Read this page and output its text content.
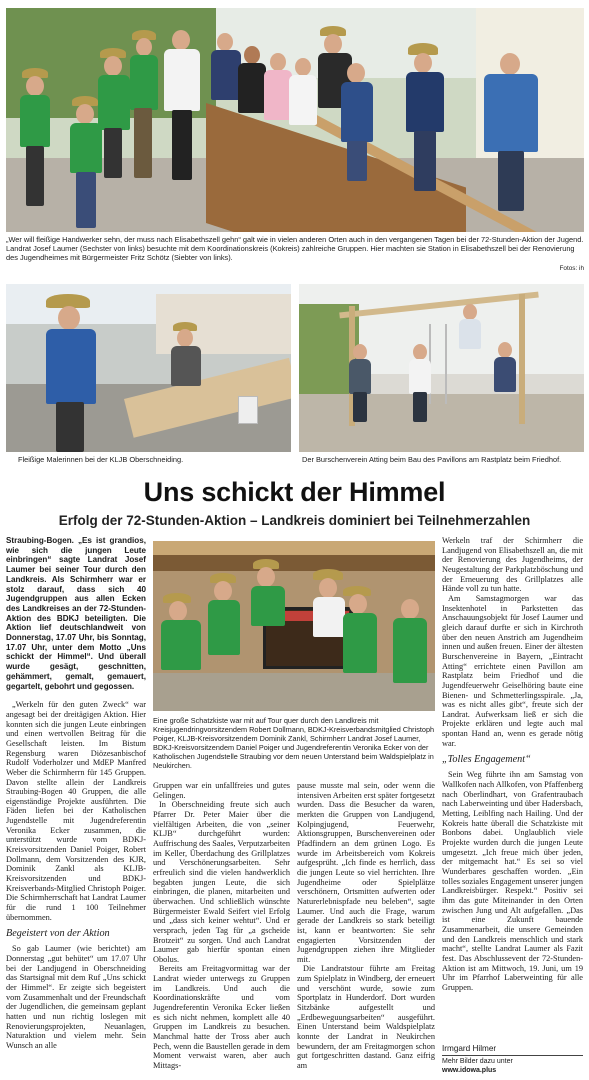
„Wer will fleißige Handwerker sehn, der muss nach Elisabethszell gehn“ galt wie in vielen anderen Orten auch in den vergangenen Tagen bei der 72-Stunden-Aktion der Jugend. Landrat Josef Laumer (Sechster von links) besuchte mit dem Koordinationskreis (Kokreis) zahlreiche Gruppen. Hier machten sie Station in Elisabethszell bei der Renovierung des Jugendheimes mit Bürgermeister Fritz Schötz (Siebter von links).
Fotos: ih
Fleißige Malerinnen bei der KLJB Oberschneiding.	Der Burschenverein Atting beim Bau des Pavillons am Rastplatz beim Friedhof.
Uns schickt der Himmel
Erfolg der 72-Stunden-Aktion – Landkreis dominiert bei Teilnehmerzahlen

Straubing-Bogen. „Es ist grandios, wie sich die jungen Leute einbringen“ sagte Landrat Josef Laumer bei seiner Tour durch den Landkreis. Als Schirmherr war er stolz darauf, dass sich 40 Jugendgruppen aus allen Ecken des Landkreises an der 72-Stunden-Aktion des BDKJ beteiligten. Die Aktion lief deutschlandweit von Donnerstag, 17.07 Uhr, bis Sonntag, 17.07 Uhr, unter dem Motto „Uns schickt der Himmel“. Und überall wurde gesägt, geschnitten, gehämmert, gemalt, gemauert, gegartelt, gebohrt und gegossen.

„Werkeln für den guten Zweck“ war angesagt bei der dreitägigen Aktion. Hier konnten sich die jungen Leute einbringen und einen wertvollen Beitrag für die Gesellschaft leisten. Im Bistum Regensburg waren Diözesanbischof Rudolf Voderholzer und MdEP Manfred Weber die Schirmherrn für 145 Gruppen. Davon stellte allein der Landkreis Straubing-Bogen 40 Gruppen, die alle eigenständige Projekte ausführten. Die Fäden liefen bei der Katholischen Jugendstelle mit Jugendreferentin Veronika Ecker zusammen, die unterstützt wurde vom BDKJ-Kreisvorsitzenden Daniel Poiger, Robert Dollmann, dem Vorsitzenden des KJR, Dominik Zankl als KLJB-Kreisvorsitzenden und BDKJ-Kreisverbands-Mitglied Christoph Poiger. Die Schirmherrschaft hat Landrat Laumer für die rund 1 100 Teilnehmer übernommen.

Begeistert von der Aktion

So gab Laumer (wie berichtet) am Donnerstag „gut behütet“ um 17.07 Uhr bei der Landjugend in Oberschneiding das Startsignal mit dem Ruf „Uns schickt der Himmel“. Er zeigte sich begeistert vom Zusammenhalt und der Freundschaft der Jugendlichen, die gemeinsam geplant hatten und nun richtig loslegen mit Renovierungsprojekten, Neuanlagen, Naturaktion und vielem mehr. Sein Wunsch an alle

Eine große Schatzkiste war mit auf Tour quer durch den Landkreis mit Kreisjugendringvorsitzendem Robert Dollmann, BDKJ-Kreisverbandsmitglied Christoph Poiger, KLJB-Kreisvorsitzendem Dominik Zankl, Schirmherr Landrat Josef Laumer, BDKJ-Kreisvorsitzendem Daniel Poiger und Jugendreferentin Veronika Ecker von der Katholischen Jugendstelle Straubing vor dem neuen Unterstand beim Waldspielplatz in Neukirchen.

Gruppen war ein unfallfreies und gutes Gelingen.

In Oberschneiding freute sich auch Pfarrer Dr. Peter Maier über die vielfältigen Arbeiten, die von „seiner KLJB“ durchgeführt wurden: Auffrischung des Saales, Verputzarbeiten im Keller, Überdachung des Grillplatzes und Verschönerungsarbeiten. Sehr erfreulich sind die vielen handwerklich begabten jungen Leute, die sich einbringen, die planen, mitarbeiten und überwachen. Und schließlich wünschte Bürgermeister Ewald Seifert viel Erfolg und „dass sich keiner wehtut“. Und er versprach, jeden Tag für „a gscheide Brotzeit“ zu sorgen. Und auch Landrat Laumer gab hierfür spontan einen Obolus.

Bereits am Freitagvormittag war der Landrat wieder unterwegs zu Gruppen im Landkreis. Und auch die Koordinationskräfte und vom Jugendreferentin Veronika Ecker ließen es sich nicht nehmen, komplett alle 40 Gruppen im Landkreis zu besuchen. Manchmal hatte der Tross aber auch Pech, wenn die Baustellen gerade in dem Moment verwaist waren, aber auch Mittags-

pause musste mal sein, oder wenn die intensiven Arbeiten erst später fortgesetzt wurden. Dass die Besucher da waren, merkten die Gruppen von Landjugend, Kolpingjugend, Feuerwehr, Aktionsgruppen, Burschenvereinen oder Pfadfindern an dem grünen Logo. Es wurde im Arbeitsbereich vom Kokreis aufgesprüht. „Ich finde es herrlich, dass die jungen Leute so viel herrichten. Ihre Jugendheime oder Spielplätze verschönern, Ortsmitten aufwerten oder Naturerlebnispfade neu beleben“, sagte Laumer. Und auch die Frage, warum gerade der Landkreis so stark beteiligt ist, kann er beantworten: Sie sehr engagierten Vorsitzenden der Jugendgruppen ziehen ihre Mitglieder mit.

Die Landratstour führte am Freitag zum Spielplatz in Windberg, der erneuert und verschönt wurde, sowie zum Sportplatz in Hunderdorf. Dort wurden Sitzbänke aufgestellt und „Erdbeweguungsarbeiten“ ausgeführt. Einen Unterstand beim Waldspielplatz konnte der Landrat in Neukirchen bewundern, der am Freitagmorgen schon gut fortgeschritten dastand. Ganz eifrig am

Werkeln traf der Schirmherr die Landjugend von Elisabethszell an, die mit der Renovierung des Jugendheims, der Neugestaltung der Parkplatzböschung und der Erneuerung des Grillplatzes alle Hände voll zu tun hatte.

Am Samstagmorgen war das Insektenhotel in Parkstetten das Anschauungsobjekt für Josef Laumer und gleich darauf durfte er sich in Kirchroth über den neuen Anstrich am Jugendheim innen und außen freuen. Einer der ältesten Burschenvereine in Bayern, „Eintracht Atting“ errichtete einen Pavillon am Rastplatz beim Friedhof und die Jugendfeuerwehr Geiselhöring baute eine Bienen- und Schmetterlingsspirale. „Ja, was es nicht alles gibt“, freute sich der Landrat. Aufwerksam ließ er sich die Projekte erklären und legte auch mal spontan Hand an, wenn es gerade nötig war.

„Tolles Engagement“

Sein Weg führte ihn am Samstag von Wallkofen nach Allkofen, von Pfaffenberg nach Oberlindhart, von Grafentraubach nach Laberweinting und über Hadersbach, Metting, Leiblfing nach Hailing. Und der Kokreis hatte überall die Schatzkiste mit Bonbons dabei. Unglaublich viele Projekte wurden durch die jungen Leute umgesetzt. „Ich freue mich über jeden, der mitgemacht hat.“ Es sei so viel Wunderbares geschaffen worden. „Ein tolles soziales Engagement unserer jungen Landkreisbürger. Respekt.“ Positiv sei ihm das gute Miteinander in den Orten zwischen Jung und Alt aufgefallen. „Das ist eine Zukunft bauende Zusammenarbeit, die unsere Gemeinden und den Landkreis menschlich und stark macht“, stellte Landrat Laumer als Fazit fest. Das Abschlussevent der 72-Stunden-Aktion ist am Mittwoch, 19. Juni, um 19 Uhr im Pfarrhof Laberweinting für alle Gruppen.

Irmgard Hilmer
Mehr Bilder dazu unter
www.idowa.plus
